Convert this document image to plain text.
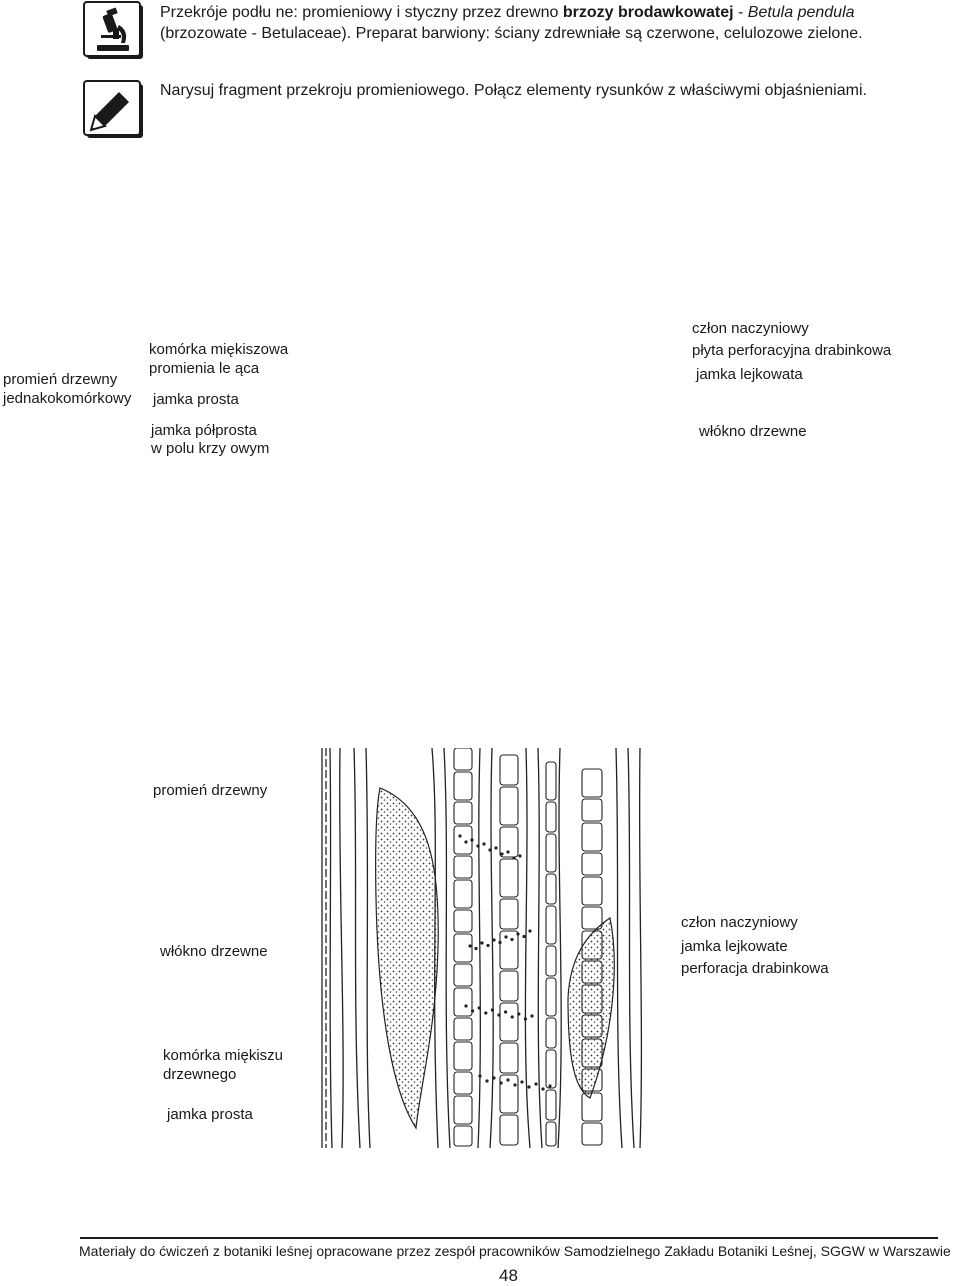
Przekróje podłu ne: promieniowy i styczny przez drewno brzozy brodawkowatej - Betula pendula
(brzozowate - Betulaceae). Preparat barwiony: ściany zdrewniałe są czerwone, celulozowe zielone.
Narysuj fragment przekroju promieniowego. Połącz elementy rysunków z właściwymi objaśnieniami.
promień drzewny
jednakokomórkowy
komórka miękiszowa
promienia le ąca
jamka prosta
jamka półprosta
w polu krzy owym
człon naczyniowy
płyta perforacyjna drabinkowa
jamka lejkowata
włókno drzewne
promień drzewny
włókno drzewne
człon naczyniowy
jamka lejkowate
perforacja drabinkowa
komórka miękiszu
drzewnego
jamka prosta
Materiały do ćwiczeń z botaniki leśnej opracowane przez zespół pracowników Samodzielnego Zakładu Botaniki Leśnej, SGGW w Warszawie
48
